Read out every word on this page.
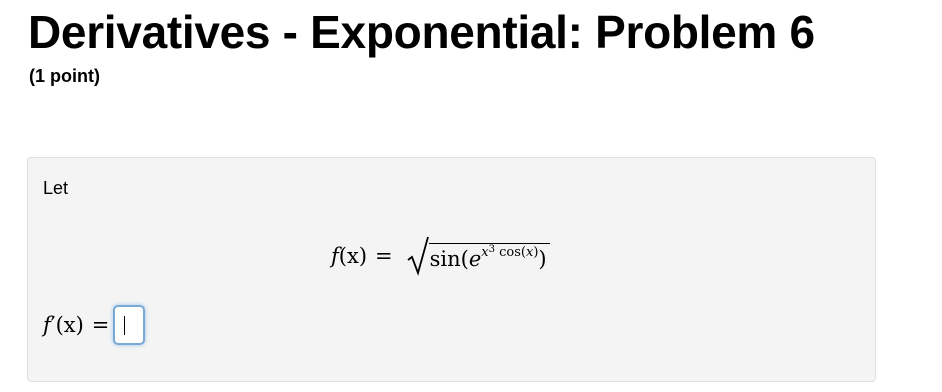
Derivatives - Exponential: Problem 6
(1 point)
Let
f $(x) = \sin(e^{x^3 cos(x)})$
f ′ (x) =
